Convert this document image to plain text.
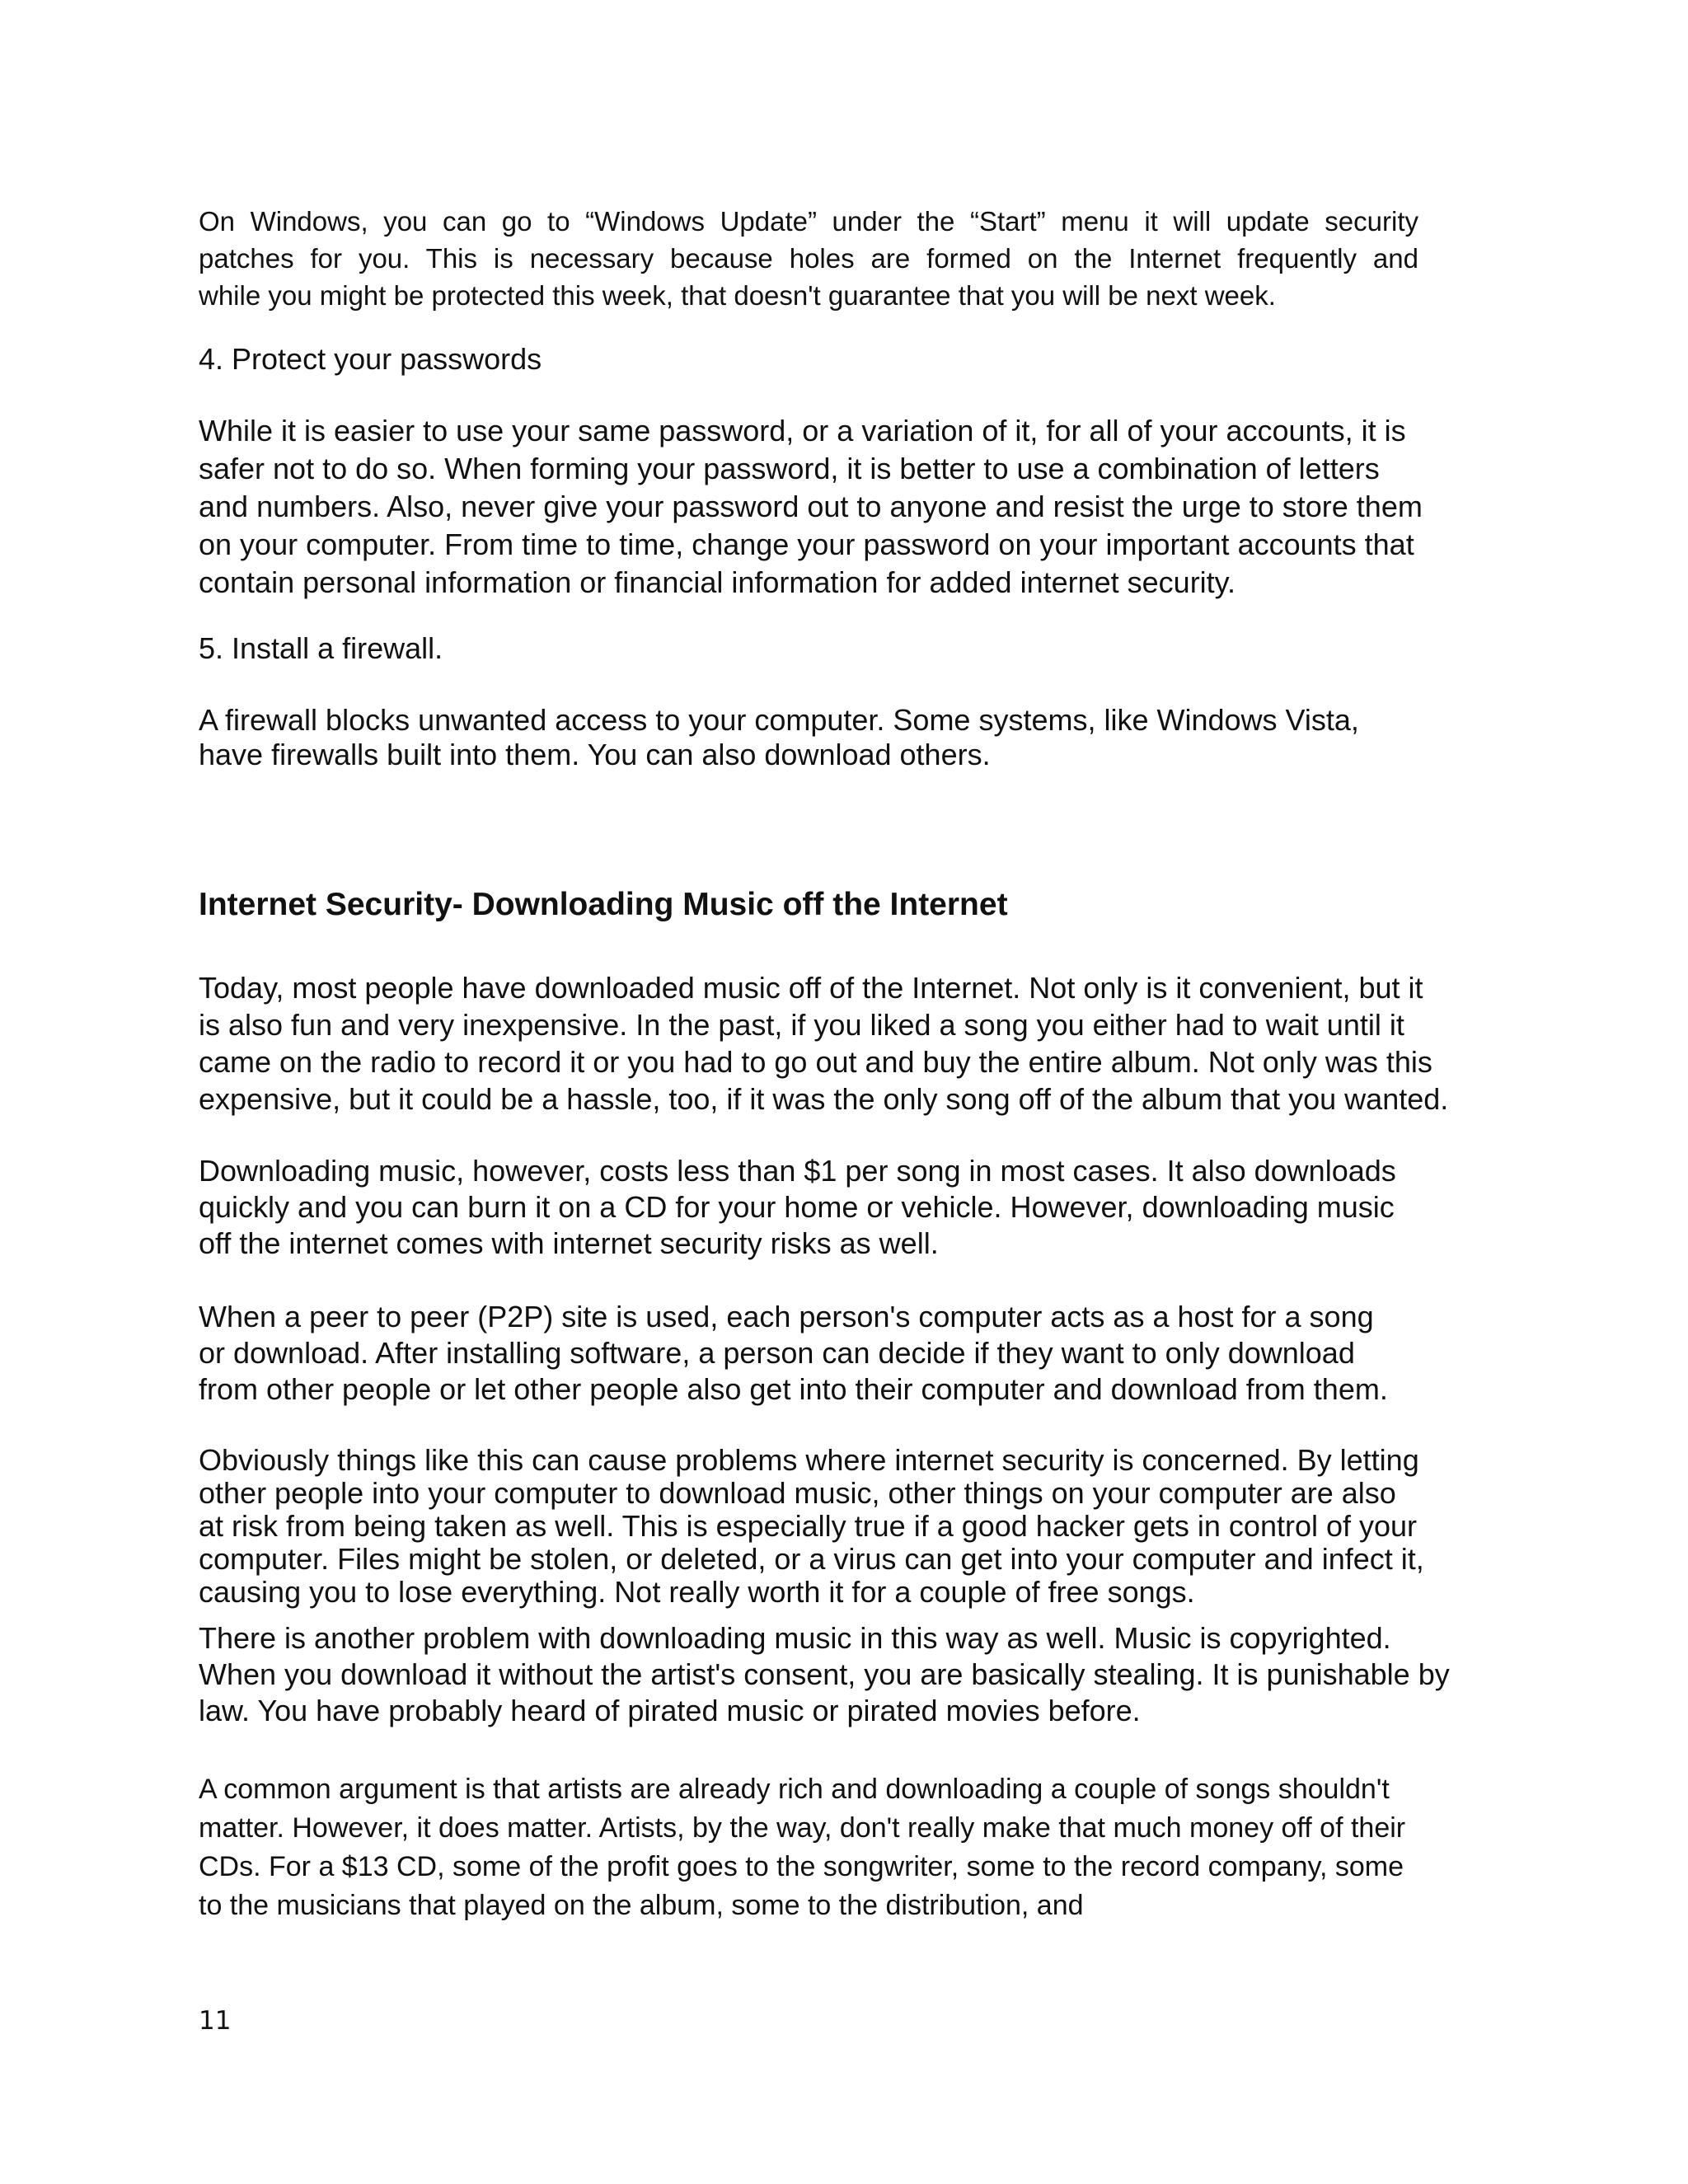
On Windows, you can go to “Windows Update” under the “Start” menu it will update security
patches for you. This is necessary because holes are formed on the Internet frequently and
while you might be protected this week, that doesn't guarantee that you will be next week.

4. Protect your passwords

While it is easier to use your same password, or a variation of it, for all of your accounts, it is
safer not to do so. When forming your password, it is better to use a combination of letters
and numbers. Also, never give your password out to anyone and resist the urge to store them
on your computer. From time to time, change your password on your important accounts that
contain personal information or financial information for added internet security.

5. Install a firewall.

A firewall blocks unwanted access to your computer. Some systems, like Windows Vista,
have firewalls built into them. You can also download others.

Internet Security- Downloading Music off the Internet

Today, most people have downloaded music off of the Internet. Not only is it convenient, but it
is also fun and very inexpensive. In the past, if you liked a song you either had to wait until it
came on the radio to record it or you had to go out and buy the entire album. Not only was this
expensive, but it could be a hassle, too, if it was the only song off of the album that you wanted.

Downloading music, however, costs less than $1 per song in most cases. It also downloads
quickly and you can burn it on a CD for your home or vehicle. However, downloading music
off the internet comes with internet security risks as well.

When a peer to peer (P2P) site is used, each person's computer acts as a host for a song
or download. After installing software, a person can decide if they want to only download
from other people or let other people also get into their computer and download from them.

Obviously things like this can cause problems where internet security is concerned. By letting
other people into your computer to download music, other things on your computer are also
at risk from being taken as well. This is especially true if a good hacker gets in control of your
computer. Files might be stolen, or deleted, or a virus can get into your computer and infect it,
causing you to lose everything. Not really worth it for a couple of free songs.

There is another problem with downloading music in this way as well. Music is copyrighted.
When you download it without the artist's consent, you are basically stealing. It is punishable by
law. You have probably heard of pirated music or pirated movies before.

A common argument is that artists are already rich and downloading a couple of songs shouldn't
matter. However, it does matter. Artists, by the way, don't really make that much money off of their
CDs. For a $13 CD, some of the profit goes to the songwriter, some to the record company, some
to the musicians that played on the album, some to the distribution, and

11
